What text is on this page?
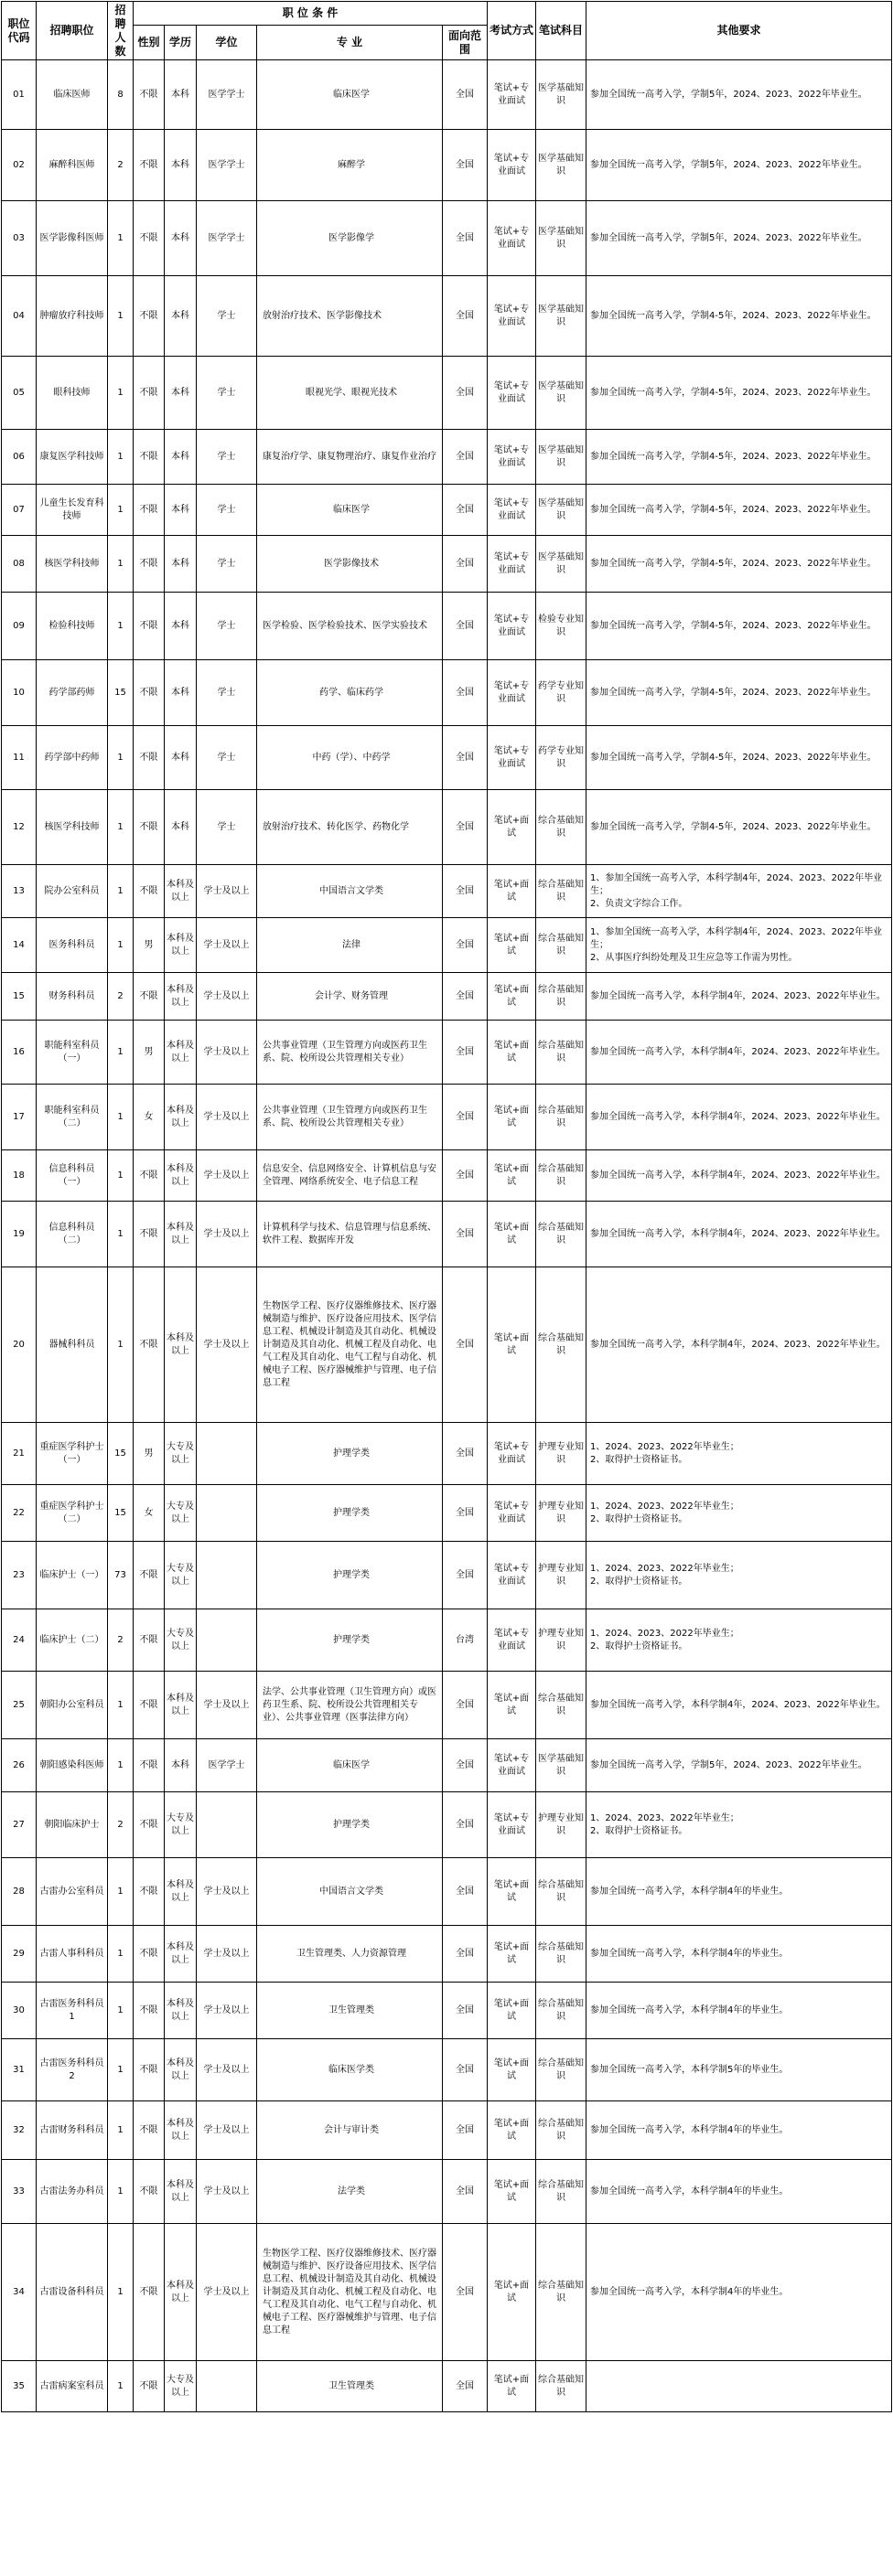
职位代码	招聘职位	招聘人数	职 位 条 件					考试方式	笔试科目	其他要求
			性别	学历	学位	专 业	面向范围			
01	临床医师	8	不限	本科	医学学士	临床医学	全国	笔试+专业面试	医学基础知识	参加全国统一高考入学，学制5年，2024、2023、2022年毕业生。
02	麻醉科医师	2	不限	本科	医学学士	麻醉学	全国	笔试+专业面试	医学基础知识	参加全国统一高考入学，学制5年，2024、2023、2022年毕业生。
03	医学影像科医师	1	不限	本科	医学学士	医学影像学	全国	笔试+专业面试	医学基础知识	参加全国统一高考入学，学制5年，2024、2023、2022年毕业生。
04	肿瘤放疗科技师	1	不限	本科	学士	放射治疗技术、医学影像技术	全国	笔试+专业面试	医学基础知识	参加全国统一高考入学，学制4-5年，2024、2023、2022年毕业生。
05	眼科技师	1	不限	本科	学士	眼视光学、眼视光技术	全国	笔试+专业面试	医学基础知识	参加全国统一高考入学，学制4-5年，2024、2023、2022年毕业生。
06	康复医学科技师	1	不限	本科	学士	康复治疗学、康复物理治疗、康复作业治疗	全国	笔试+专业面试	医学基础知识	参加全国统一高考入学，学制4-5年，2024、2023、2022年毕业生。
07	儿童生长发育科技师	1	不限	本科	学士	临床医学	全国	笔试+专业面试	医学基础知识	参加全国统一高考入学，学制4-5年，2024、2023、2022年毕业生。
08	核医学科技师	1	不限	本科	学士	医学影像技术	全国	笔试+专业面试	医学基础知识	参加全国统一高考入学，学制4-5年，2024、2023、2022年毕业生。
09	检验科技师	1	不限	本科	学士	医学检验、医学检验技术、医学实验技术	全国	笔试+专业面试	检验专业知识	参加全国统一高考入学，学制4-5年，2024、2023、2022年毕业生。
10	药学部药师	15	不限	本科	学士	药学、临床药学	全国	笔试+专业面试	药学专业知识	参加全国统一高考入学，学制4-5年，2024、2023、2022年毕业生。
11	药学部中药师	1	不限	本科	学士	中药（学）、中药学	全国	笔试+专业面试	药学专业知识	参加全国统一高考入学，学制4-5年，2024、2023、2022年毕业生。
12	核医学科技师	1	不限	本科	学士	放射治疗技术、转化医学、药物化学	全国	笔试+面试	综合基础知识	参加全国统一高考入学，学制4-5年，2024、2023、2022年毕业生。
13	院办公室科员	1	不限	本科及以上	学士及以上	中国语言文学类	全国	笔试+面试	综合基础知识	1、参加全国统一高考入学，本科学制4年，2024、2023、2022年毕业生；
2、负责文字综合工作。
14	医务科科员	1	男	本科及以上	学士及以上	法律	全国	笔试+面试	综合基础知识	1、参加全国统一高考入学，本科学制4年，2024、2023、2022年毕业生；
2、从事医疗纠纷处理及卫生应急等工作需为男性。
15	财务科科员	2	不限	本科及以上	学士及以上	会计学、财务管理	全国	笔试+面试	综合基础知识	参加全国统一高考入学，本科学制4年，2024、2023、2022年毕业生。
16	职能科室科员（一）	1	男	本科及以上	学士及以上	公共事业管理（卫生管理方向或医药卫生系、院、校所设公共管理相关专业）	全国	笔试+面试	综合基础知识	参加全国统一高考入学，本科学制4年，2024、2023、2022年毕业生。
17	职能科室科员（二）	1	女	本科及以上	学士及以上	公共事业管理（卫生管理方向或医药卫生系、院、校所设公共管理相关专业）	全国	笔试+面试	综合基础知识	参加全国统一高考入学，本科学制4年，2024、2023、2022年毕业生。
18	信息科科员（一）	1	不限	本科及以上	学士及以上	信息安全、信息网络安全、计算机信息与安全管理、网络系统安全、电子信息工程	全国	笔试+面试	综合基础知识	参加全国统一高考入学，本科学制4年，2024、2023、2022年毕业生。
19	信息科科员（二）	1	不限	本科及以上	学士及以上	计算机科学与技术、信息管理与信息系统、软件工程、数据库开发	全国	笔试+面试	综合基础知识	参加全国统一高考入学，本科学制4年，2024、2023、2022年毕业生。
20	器械科科员	1	不限	本科及以上	学士及以上	生物医学工程、医疗仪器维修技术、医疗器械制造与维护、医疗设备应用技术、医学信息工程、机械设计制造及其自动化、机械设计制造及其自动化、机械工程及自动化、电气工程及其自动化、电气工程与自动化、机械电子工程、医疗器械维护与管理、电子信息工程	全国	笔试+面试	综合基础知识	参加全国统一高考入学，本科学制4年，2024、2023、2022年毕业生。
21	重症医学科护士（一）	15	男	大专及以上		护理学类	全国	笔试+专业面试	护理专业知识	1、2024、2023、2022年毕业生；
2、取得护士资格证书。
22	重症医学科护士（二）	15	女	大专及以上		护理学类	全国	笔试+专业面试	护理专业知识	1、2024、2023、2022年毕业生；
2、取得护士资格证书。
23	临床护士（一）	73	不限	大专及以上		护理学类	全国	笔试+专业面试	护理专业知识	1、2024、2023、2022年毕业生；
2、取得护士资格证书。
24	临床护士（二）	2	不限	大专及以上		护理学类	台湾	笔试+专业面试	护理专业知识	1、2024、2023、2022年毕业生；
2、取得护士资格证书。
25	朝阳办公室科员	1	不限	本科及以上	学士及以上	法学、公共事业管理（卫生管理方向）或医药卫生系、院、校所设公共管理相关专业）、公共事业管理（医事法律方向）	全国	笔试+面试	综合基础知识	参加全国统一高考入学，本科学制4年，2024、2023、2022年毕业生。
26	朝阳感染科医师	1	不限	本科	医学学士	临床医学	全国	笔试+专业面试	医学基础知识	参加全国统一高考入学，学制5年，2024、2023、2022年毕业生。
27	朝阳临床护士	2	不限	大专及以上		护理学类	全国	笔试+专业面试	护理专业知识	1、2024、2023、2022年毕业生；
2、取得护士资格证书。
28	古雷办公室科员	1	不限	本科及以上	学士及以上	中国语言文学类	全国	笔试+面试	综合基础知识	参加全国统一高考入学，本科学制4年的毕业生。
29	古雷人事科科员	1	不限	本科及以上	学士及以上	卫生管理类、人力资源管理	全国	笔试+面试	综合基础知识	参加全国统一高考入学，本科学制4年的毕业生。
30	古雷医务科科员1	1	不限	本科及以上	学士及以上	卫生管理类	全国	笔试+面试	综合基础知识	参加全国统一高考入学，本科学制4年的毕业生。
31	古雷医务科科员2	1	不限	本科及以上	学士及以上	临床医学类	全国	笔试+面试	综合基础知识	参加全国统一高考入学，本科学制5年的毕业生。
32	古雷财务科科员	1	不限	本科及以上	学士及以上	会计与审计类	全国	笔试+面试	综合基础知识	参加全国统一高考入学，本科学制4年的毕业生。
33	古雷法务办科员	1	不限	本科及以上	学士及以上	法学类	全国	笔试+面试	综合基础知识	参加全国统一高考入学，本科学制4年的毕业生。
34	古雷设备科科员	1	不限	本科及以上	学士及以上	生物医学工程、医疗仪器维修技术、医疗器械制造与维护、医疗设备应用技术、医学信息工程、机械设计制造及其自动化、机械设计制造及其自动化、机械工程及自动化、电气工程及其自动化、电气工程与自动化、机械电子工程、医疗器械维护与管理、电子信息工程	全国	笔试+面试	综合基础知识	参加全国统一高考入学，本科学制4年的毕业生。
35	古雷病案室科员	1	不限	大专及以上		卫生管理类	全国	笔试+面试	综合基础知识	
